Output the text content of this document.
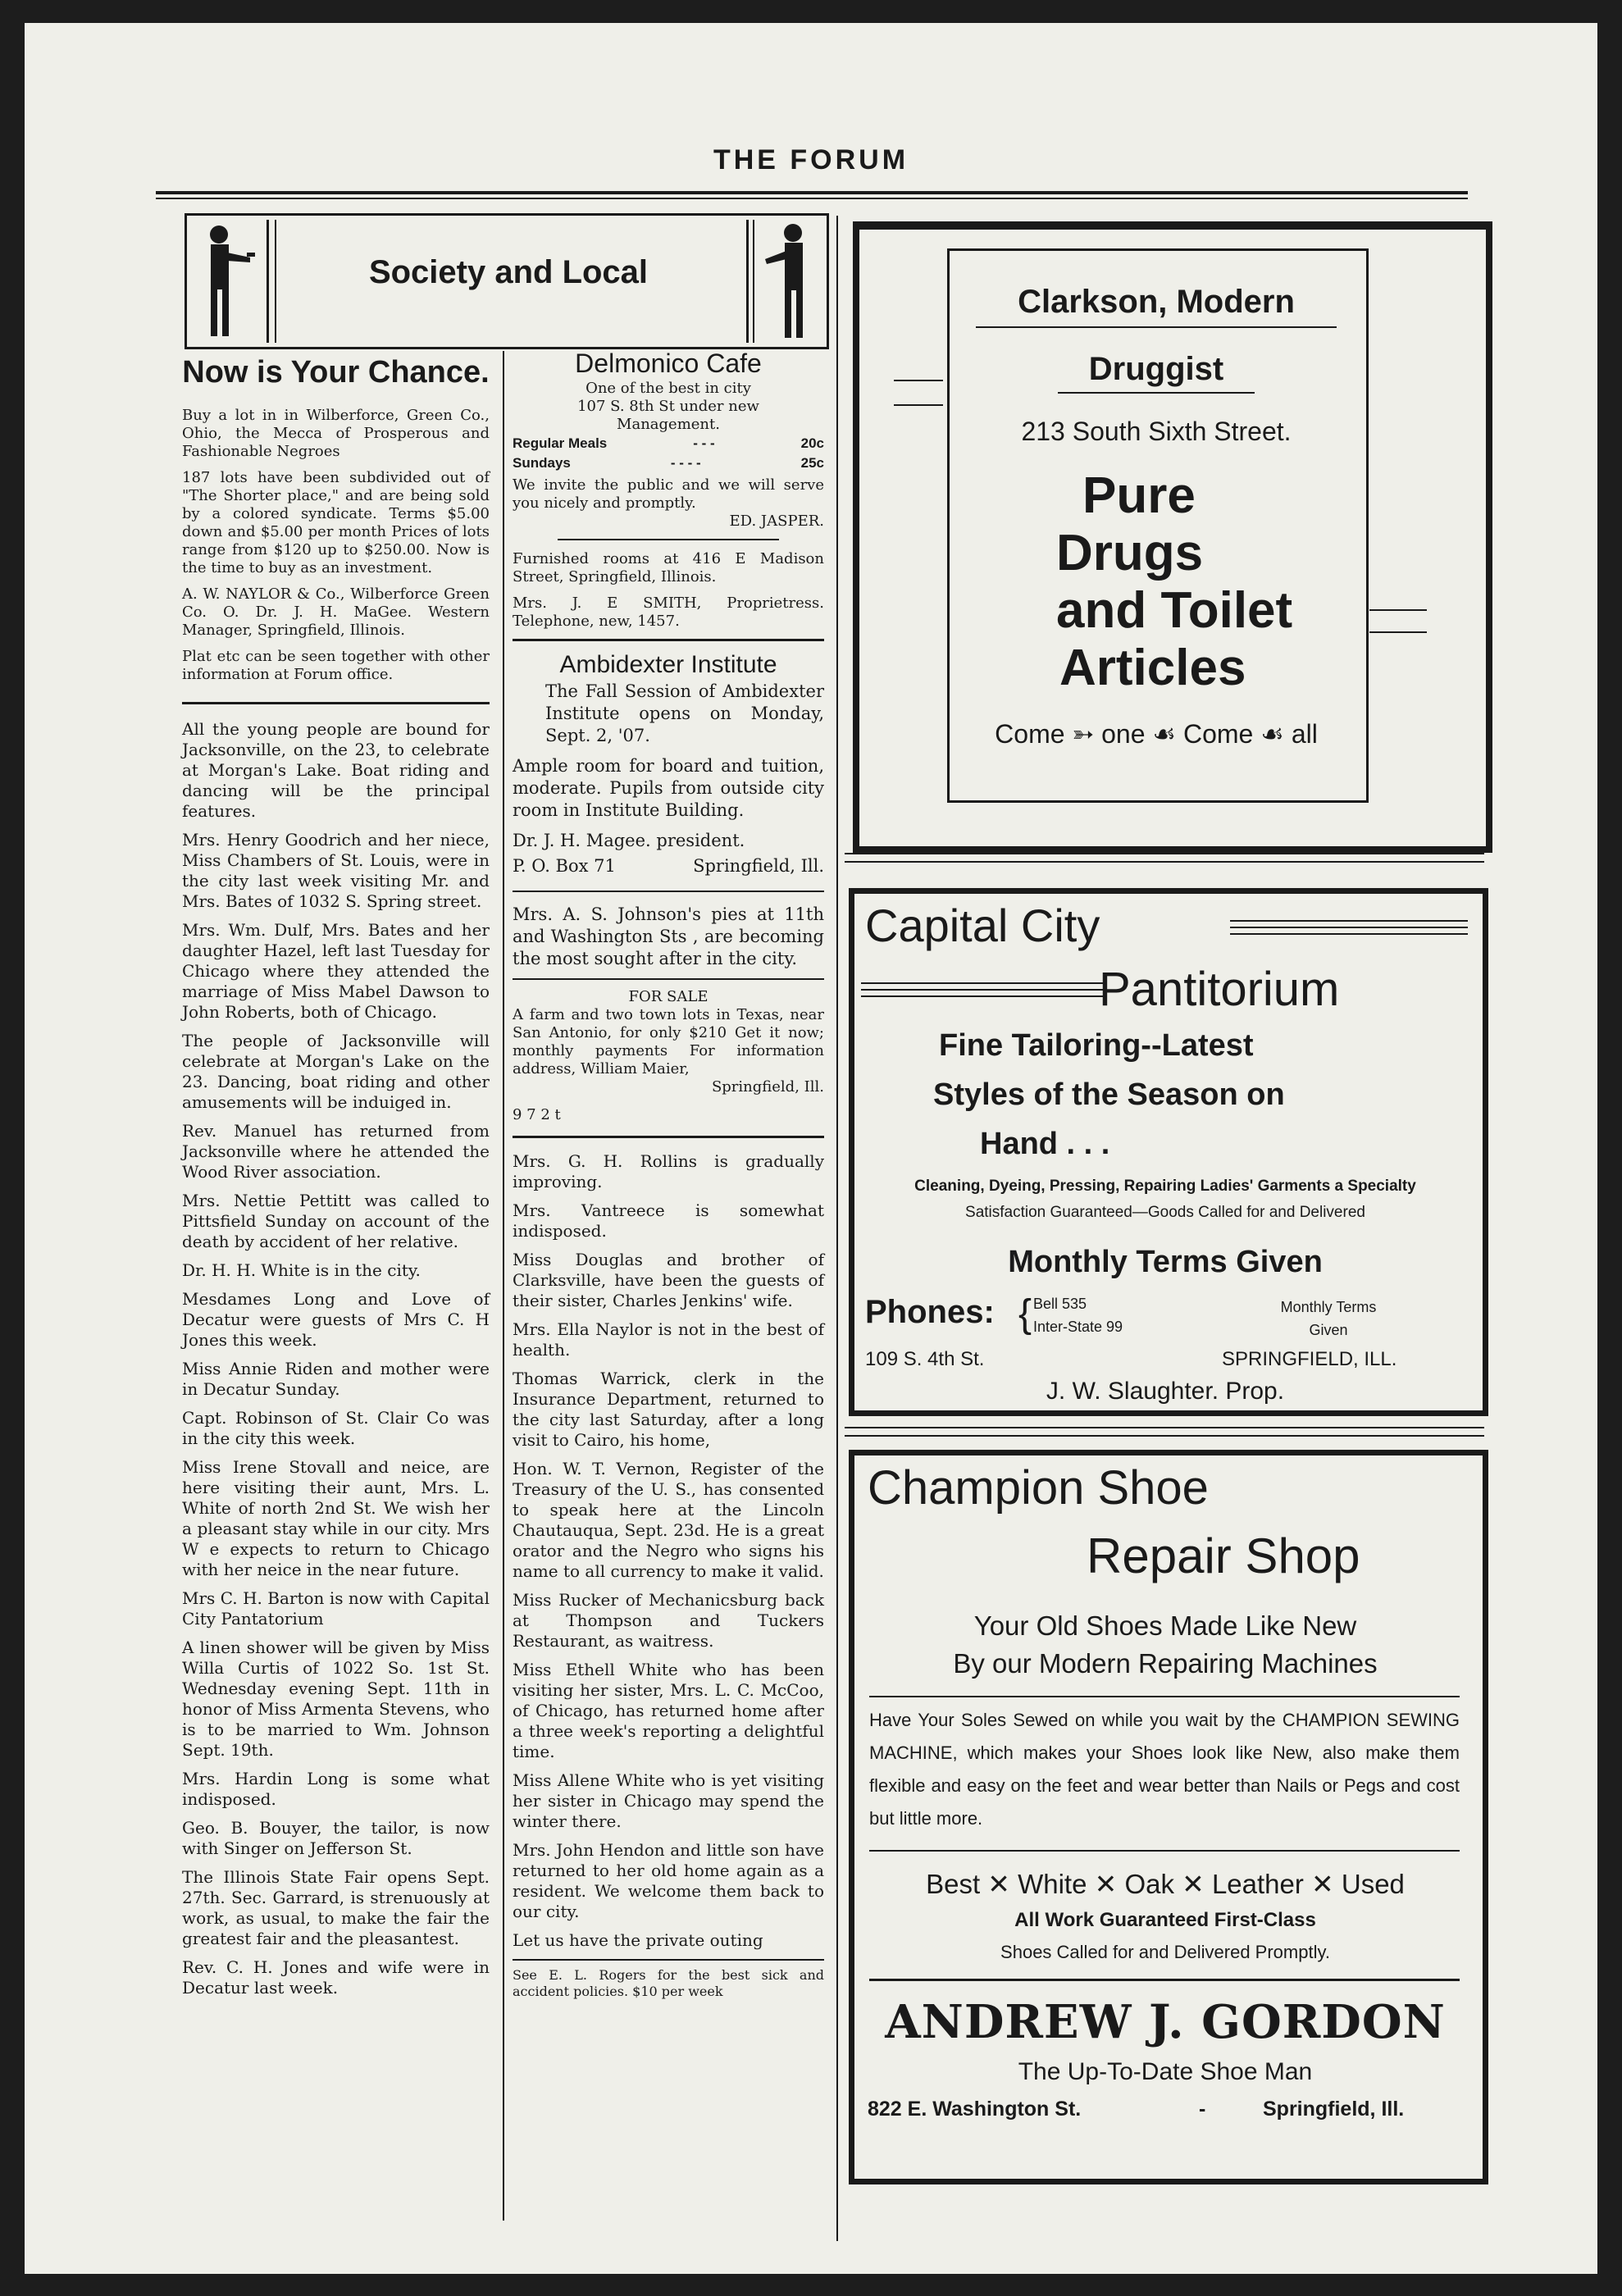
THE FORUM
Society and Local
Now is Your Chance.

Buy a lot in in Wilberforce, Green Co., Ohio, the Mecca of Prosperous and Fashionable Negroes

187 lots have been subdivided out of "The Shorter place," and are being sold by a colored syndicate. Terms $5.00 down and $5.00 per month Prices of lots range from $120 up to $250.00. Now is the time to buy as an investment.

A. W. NAYLOR & Co., Wilberforce Green Co. O. Dr. J. H. MaGee. Western Manager, Springfield, Illinois.

Plat etc can be seen together with other information at Forum office.

All the young people are bound for Jacksonville, on the 23, to celebrate at Morgan's Lake. Boat riding and dancing will be the principal features.

Mrs. Henry Goodrich and her niece, Miss Chambers of St. Louis, were in the city last week visiting Mr. and Mrs. Bates of 1032 S. Spring street.

Mrs. Wm. Dulf, Mrs. Bates and her daughter Hazel, left last Tuesday for Chicago where they attended the marriage of Miss Mabel Dawson to John Roberts, both of Chicago.

The people of Jacksonville will celebrate at Morgan's Lake on the 23. Dancing, boat riding and other amusements will be induiged in.

Rev. Manuel has returned from Jacksonville where he attended the Wood River association.

Mrs. Nettie Pettitt was called to Pittsfield Sunday on account of the death by accident of her relative.

Dr. H. H. White is in the city.

Mesdames Long and Love of Decatur were guests of Mrs C. H Jones this week.

Miss Annie Riden and mother were in Decatur Sunday.

Capt. Robinson of St. Clair Co was in the city this week.

Miss Irene Stovall and neice, are here visiting their aunt, Mrs. L. White of north 2nd St. We wish her a pleasant stay while in our city. Mrs W e expects to return to Chicago with her neice in the near future.

Mrs C. H. Barton is now with Capital City Pantatorium

A linen shower will be given by Miss Willa Curtis of 1022 So. 1st St. Wednesday evening Sept. 11th in honor of Miss Armenta Stevens, who is to be married to Wm. Johnson Sept. 19th.

Mrs. Hardin Long is some what indisposed.

Geo. B. Bouyer, the tailor, is now with Singer on Jefferson St.

The Illinois State Fair opens Sept. 27th. Sec. Garrard, is strenuously at work, as usual, to make the fair the greatest fair and the pleasantest.

Rev. C. H. Jones and wife were in Decatur last week.

Delmonico Cafe
One of the best in city
107 S. 8th St under new
Management.
Regular Meals	- - -	20c
Sundays	- - - -	25c

We invite the public and we will serve you nicely and promptly.

ED. JASPER.

Furnished rooms at 416 E Madison Street, Springfield, Illinois.

Mrs. J. E SMITH, Proprietress. Telephone, new, 1457.

Ambidexter Institute

The Fall Session of Ambidexter Institute opens on Monday, Sept. 2, '07.

Ample room for board and tuition, moderate. Pupils from outside city room in Institute Building.

Dr. J. H. Magee. president.
P. O. Box 71	Springfield, Ill.

Mrs. A. S. Johnson's pies at 11th and Washington Sts , are becoming the most sought after in the city.

FOR SALE

A farm and two town lots in Texas, near San Antonio, for only $210 Get it now; monthly payments For information address, William Maier,

Springfield, Ill.
9 7 2 t

Mrs. G. H. Rollins is gradually improving.

Mrs. Vantreece is somewhat indisposed.

Miss Douglas and brother of Clarksville, have been the guests of their sister, Charles Jenkins' wife.

Mrs. Ella Naylor is not in the best of health.

Thomas Warrick, clerk in the Insurance Department, returned to the city last Saturday, after a long visit to Cairo, his home,

Hon. W. T. Vernon, Register of the Treasury of the U. S., has consented to speak here at the Lincoln Chautauqua, Sept. 23d. He is a great orator and the Negro who signs his name to all currency to make it valid.

Miss Rucker of Mechanicsburg back at Thompson and Tuckers Restaurant, as waitress.

Miss Ethell White who has been visiting her sister, Mrs. L. C. McCoo, of Chicago, has returned home after a three week's reporting a delightful time.

Miss Allene White who is yet visiting her sister in Chicago may spend the winter there.

Mrs. John Hendon and little son have returned to her old home again as a resident. We welcome them back to our city.

Let us have the private outing

See E. L. Rogers for the best sick and accident policies. $10 per week

Clarkson, Modern
Druggist
213 South Sixth Street.
Pure
Drugs
and Toilet
Articles
Come ➳ one ☙ Come ☙ all
Capital City
Pantitorium
Fine Tailoring--Latest
Styles of the Season on
Hand . . .
Cleaning, Dyeing, Pressing, Repairing Ladies' Garments a Specialty
Satisfaction Guaranteed—Goods Called for and Delivered
Monthly Terms Given
Phones: { Bell 535
Inter-State 99
Monthly Terms Given
109 S. 4th St.	SPRINGFIELD, ILL.
J. W. Slaughter. Prop.
Champion Shoe
Repair Shop
Your Old Shoes Made Like New
By our Modern Repairing Machines
Have Your Soles Sewed on while you wait by the CHAMPION SEWING MACHINE, which makes your Shoes look like New, also make them flexible and easy on the feet and wear better than Nails or Pegs and cost but little more.
Best ✕ White ✕ Oak ✕ Leather ✕ Used
All Work Guaranteed First-Class
Shoes Called for and Delivered Promptly.
ANDREW J. GORDON
The Up-To-Date Shoe Man
822 E. Washington St.	-	Springfield, Ill.
